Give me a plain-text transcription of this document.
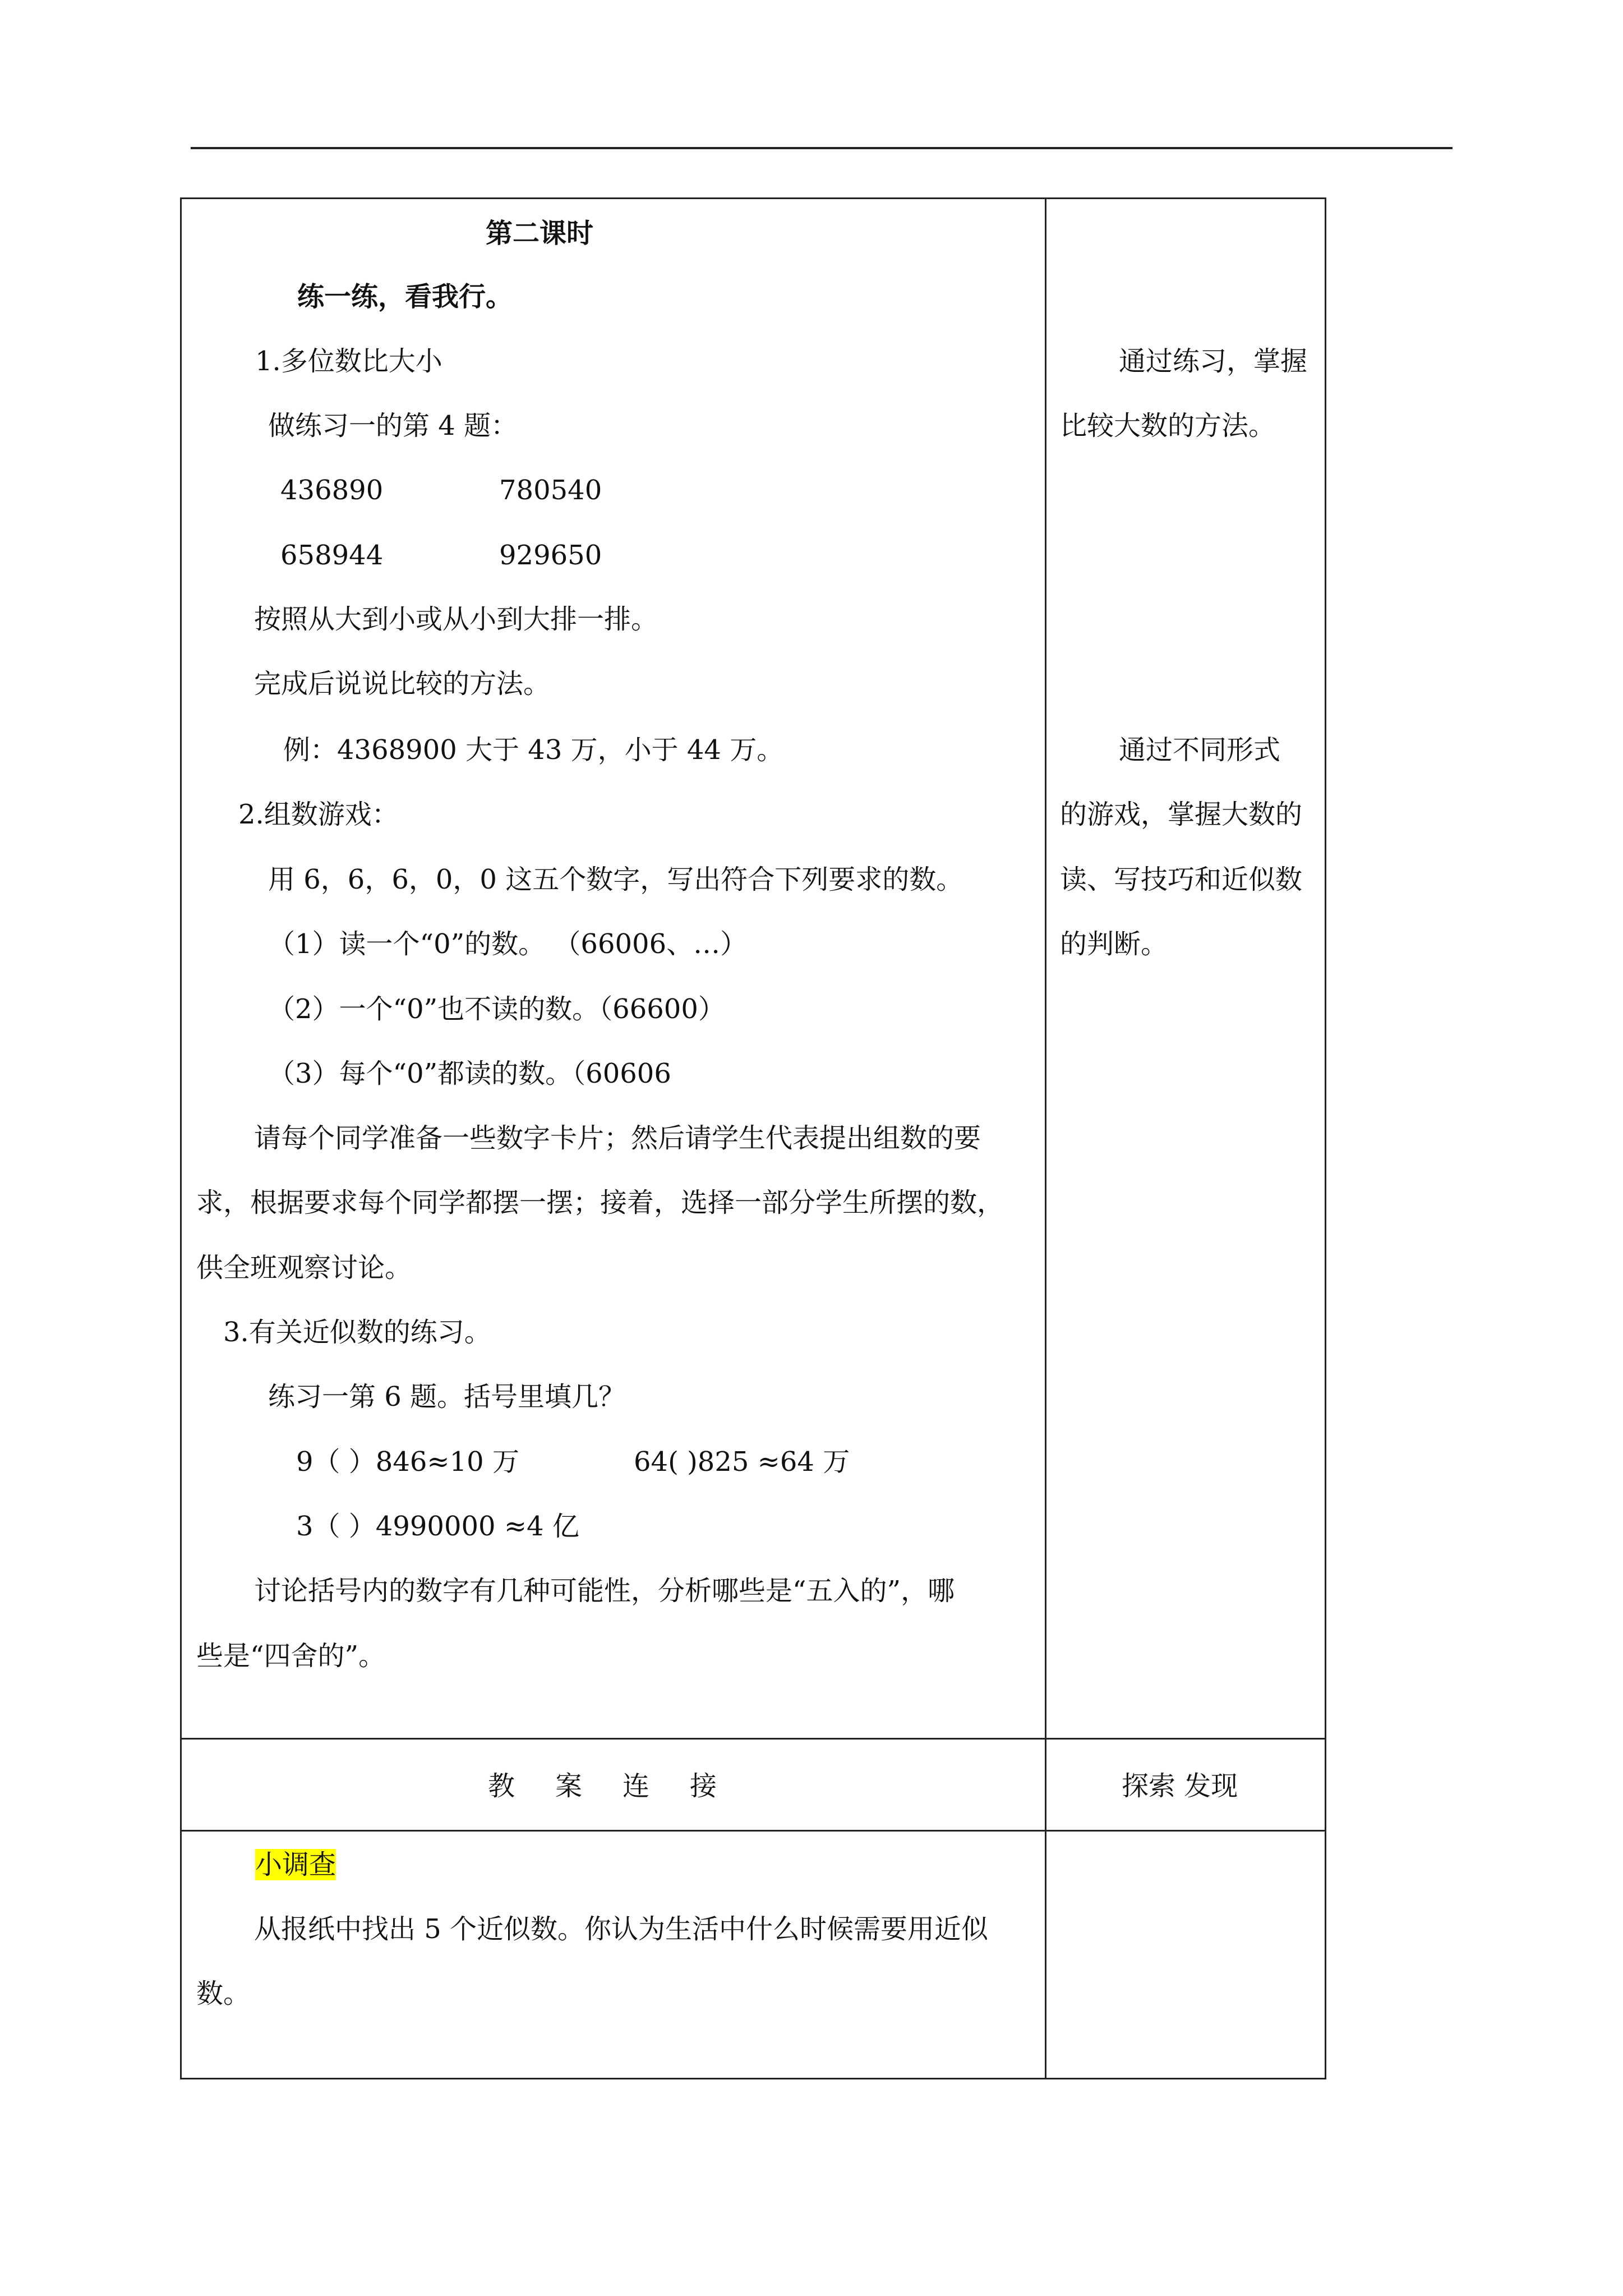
第二课时
练一练，看我行。
1.多位数比大小
做练习一的第 4 题：
436890	780540
658944	929650
按照从大到小或从小到大排一排。
完成后说说比较的方法。
例：4368900 大于 43 万，小于 44 万。
2.组数游戏：
用 6，6，6，0，0 这五个数字，写出符合下列要求的数。
（1）读一个“0”的数。 （66006、…）
（2）一个“0”也不读的数。（66600）
（3）每个“0”都读的数。（60606
请每个同学准备一些数字卡片；然后请学生代表提出组数的要
求，根据要求每个同学都摆一摆；接着，选择一部分学生所摆的数，
供全班观察讨论。
3.有关近似数的练习。
练习一第 6 题。括号里填几？
9（ ）846≈10 万	64( )825 ≈64 万
3（ ）4990000 ≈4 亿
讨论括号内的数字有几种可能性，分析哪些是“五入的”，哪
些是“四舍的”。
通过练习，掌握
比较大数的方法。
通过不同形式
的游戏，掌握大数的
读、写技巧和近似数
的判断。
教 案 连 接	探索 发现
小调查
从报纸中找出 5 个近似数。你认为生活中什么时候需要用近似
数。
